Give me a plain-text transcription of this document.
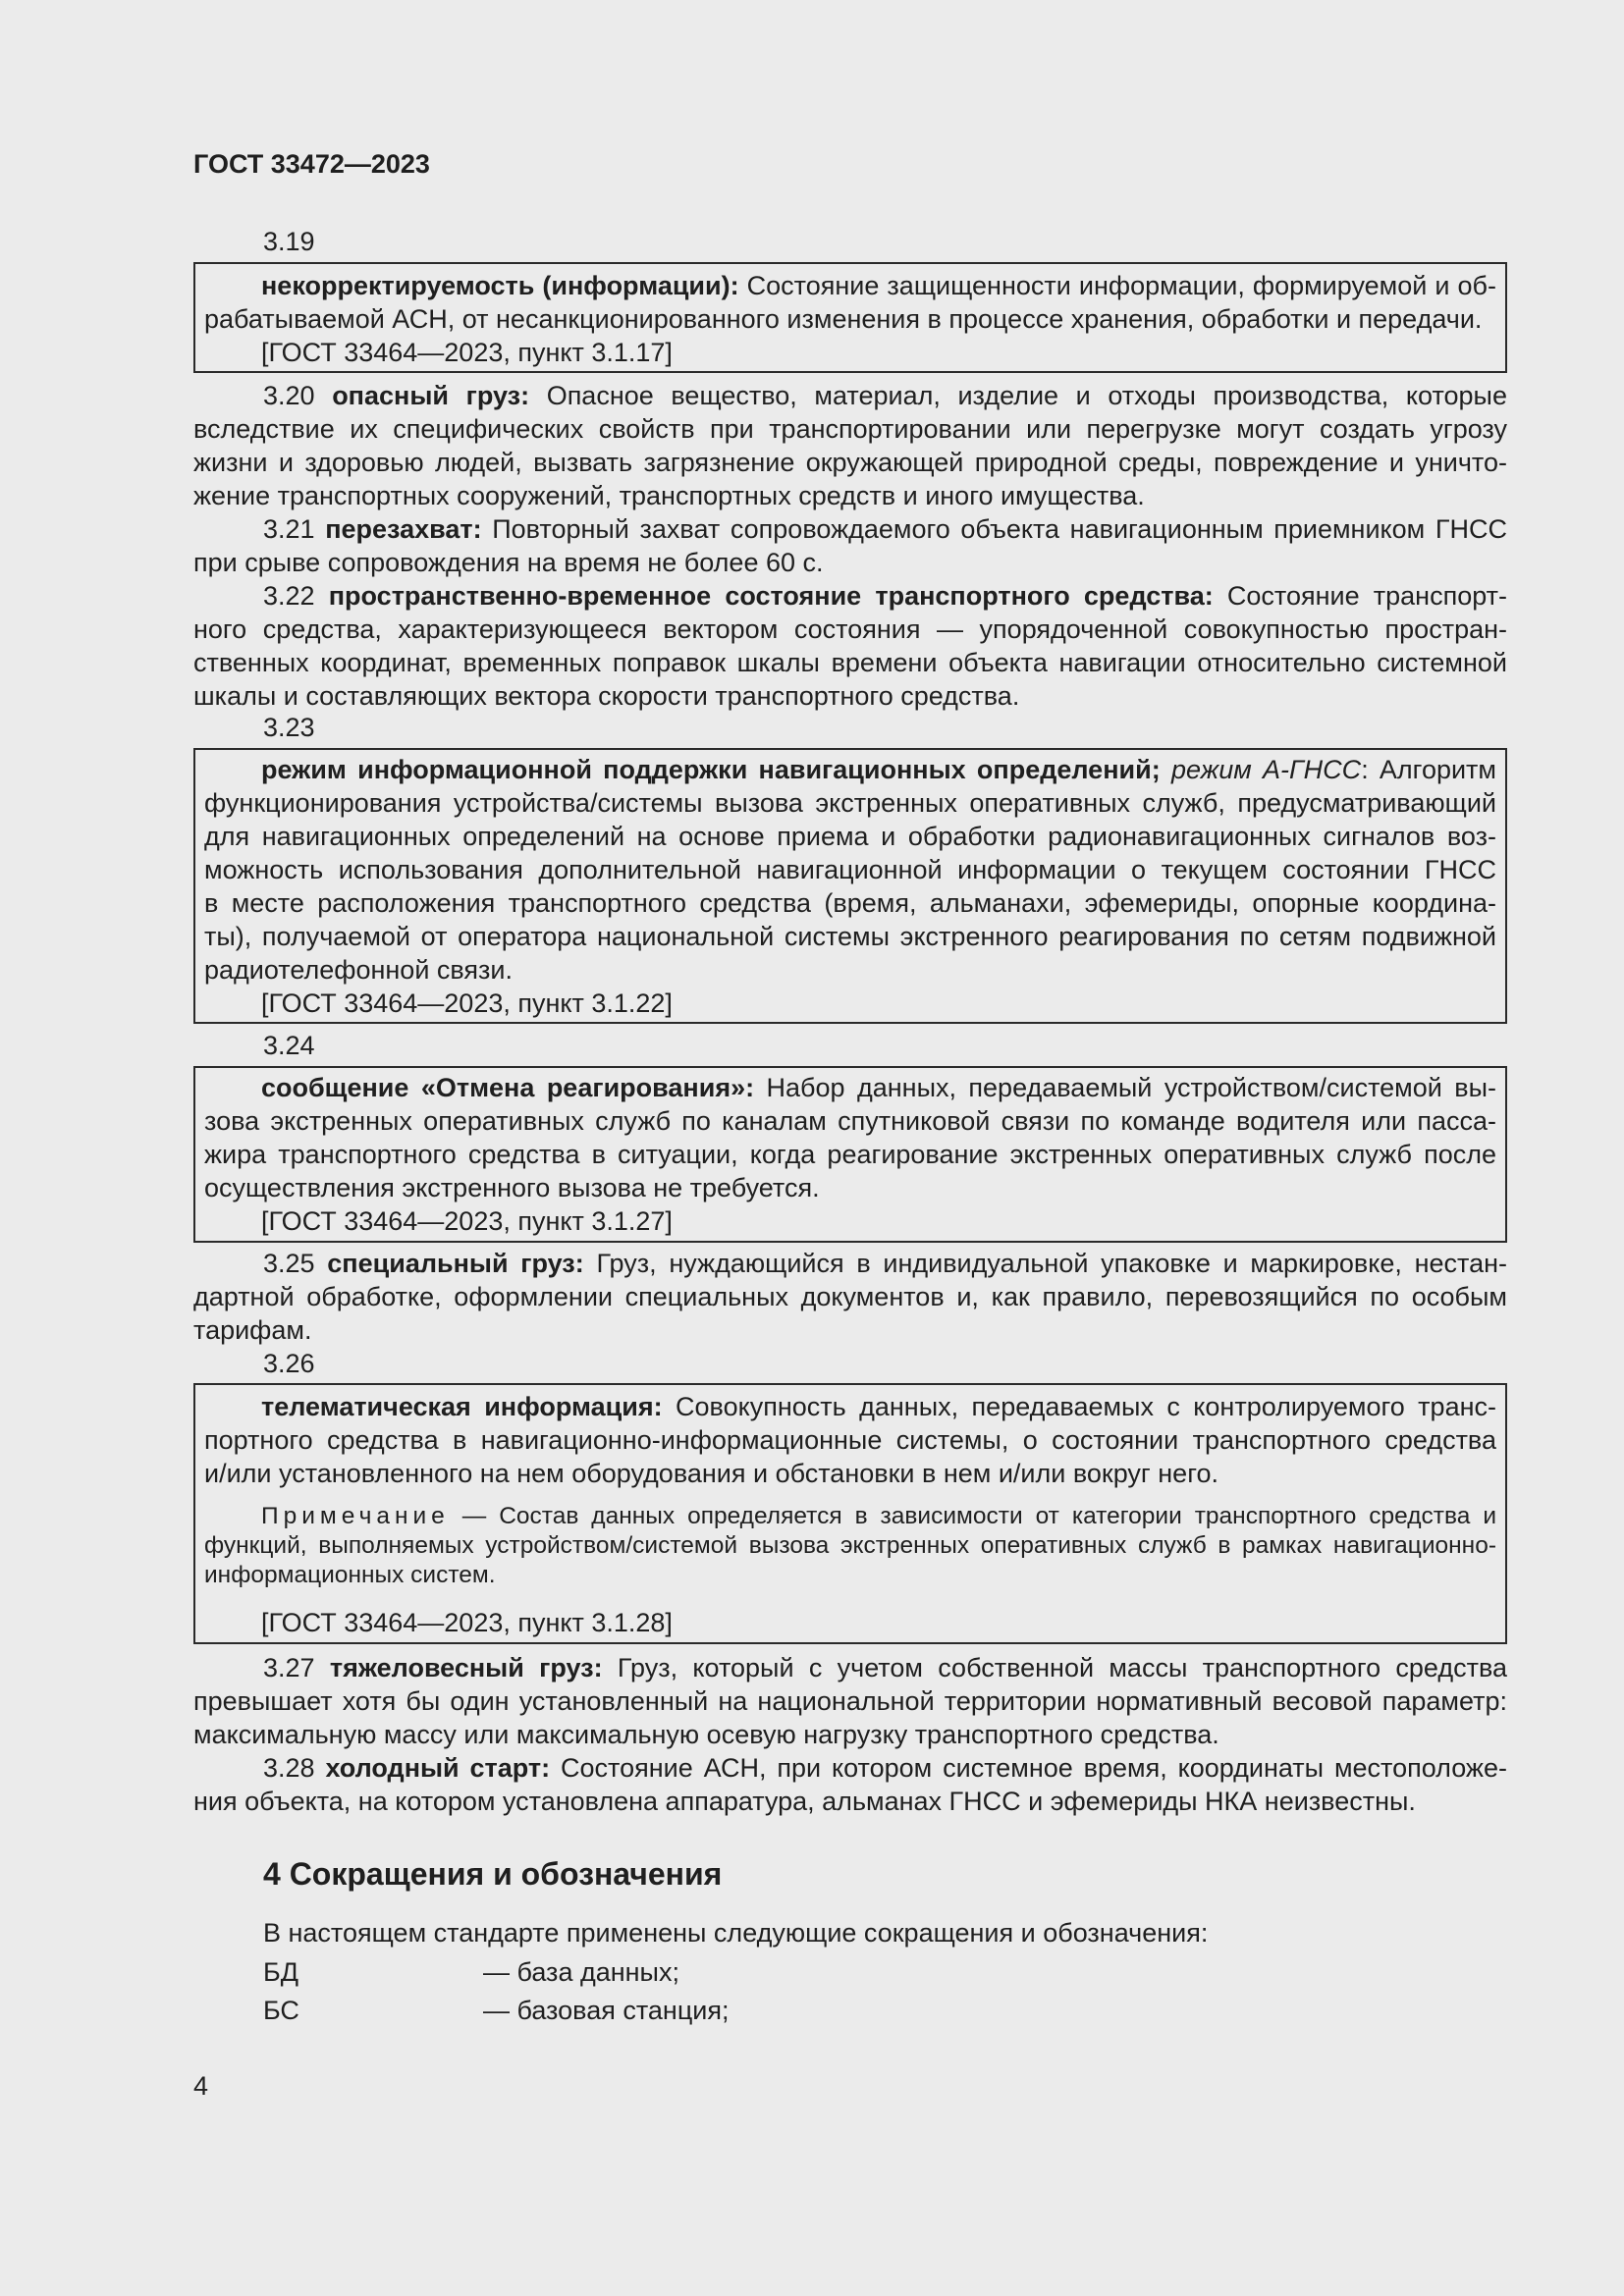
ГОСТ 33472—2023
3.19
некорректируемость (информации): Состояние защищенности информации, формируемой и об-
рабатываемой АСН, от несанкционированного изменения в процессе хранения, обработки и передачи.
[ГОСТ 33464—2023, пункт 3.1.17]
3.20 опасный груз: Опасное вещество, материал, изделие и отходы производства, которые
вследствие их специфических свойств при транспортировании или перегрузке могут создать угрозу
жизни и здоровью людей, вызвать загрязнение окружающей природной среды, повреждение и уничто-
жение транспортных сооружений, транспортных средств и иного имущества.
3.21 перезахват: Повторный захват сопровождаемого объекта навигационным приемником ГНСС
при срыве сопровождения на время не более 60 с.
3.22 пространственно-временное состояние транспортного средства: Состояние транспорт-
ного средства, характеризующееся вектором состояния — упорядоченной совокупностью простран-
ственных координат, временных поправок шкалы времени объекта навигации относительно системной
шкалы и составляющих вектора скорости транспортного средства.
3.23
режим информационной поддержки навигационных определений; режим А-ГНСС: Алгоритм
функционирования устройства/системы вызова экстренных оперативных служб, предусматривающий
для навигационных определений на основе приема и обработки радионавигационных сигналов воз-
можность использования дополнительной навигационной информации о текущем состоянии ГНСС
в месте расположения транспортного средства (время, альманахи, эфемериды, опорные координа-
ты), получаемой от оператора национальной системы экстренного реагирования по сетям подвижной
радиотелефонной связи.
[ГОСТ 33464—2023, пункт 3.1.22]
3.24
сообщение «Отмена реагирования»: Набор данных, передаваемый устройством/системой вы-
зова экстренных оперативных служб по каналам спутниковой связи по команде водителя или пасса-
жира транспортного средства в ситуации, когда реагирование экстренных оперативных служб после
осуществления экстренного вызова не требуется.
[ГОСТ 33464—2023, пункт 3.1.27]
3.25 специальный груз: Груз, нуждающийся в индивидуальной упаковке и маркировке, нестан-
дартной обработке, оформлении специальных документов и, как правило, перевозящийся по особым
тарифам.
3.26
телематическая информация: Совокупность данных, передаваемых с контролируемого транс-
портного средства в навигационно-информационные системы, о состоянии транспортного средства
и/или установленного на нем оборудования и обстановки в нем и/или вокруг него.
Примечание — Состав данных определяется в зависимости от категории транспортного средства и
функций, выполняемых устройством/системой вызова экстренных оперативных служб в рамках навигационно-
информационных систем.
[ГОСТ 33464—2023, пункт 3.1.28]
3.27 тяжеловесный груз: Груз, который с учетом собственной массы транспортного средства
превышает хотя бы один установленный на национальной территории нормативный весовой параметр:
максимальную массу или максимальную осевую нагрузку транспортного средства.
3.28 холодный старт: Состояние АСН, при котором системное время, координаты местоположе-
ния объекта, на котором установлена аппаратура, альманах ГНСС и эфемериды НКА неизвестны.
4 Сокращения и обозначения
В настоящем стандарте применены следующие сокращения и обозначения:
БД	— база данных;
БС	— базовая станция;
4
